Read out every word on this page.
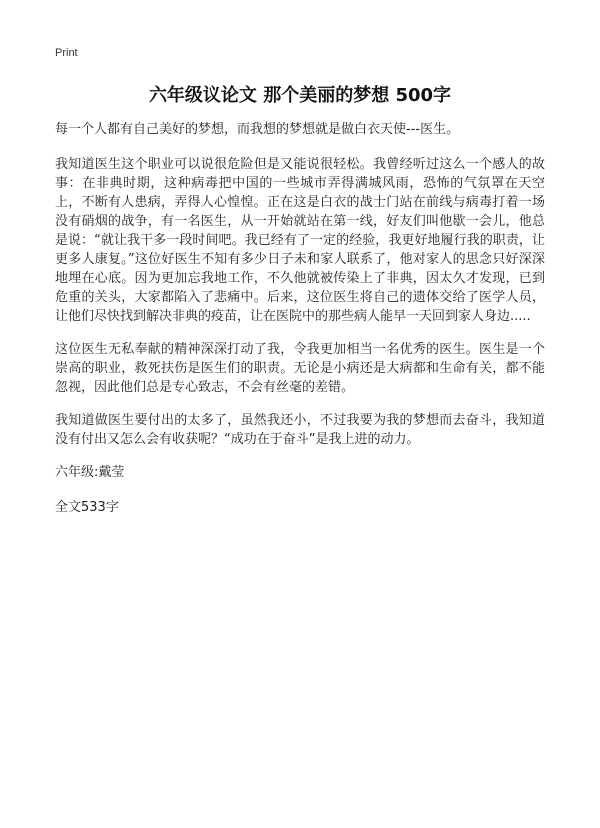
Print
六年级议论文 那个美丽的梦想 500字

每一个人都有自己美好的梦想，而我想的梦想就是做白衣天使---医生。

我知道医生这个职业可以说很危险但是又能说很轻松。我曾经听过这么一个感人的故事：在非典时期，这种病毒把中国的一些城市弄得满城风雨，恐怖的气氛罩在天空上，不断有人患病，弄得人心惶惶。正在这是白衣的战士门站在前线与病毒打着一场没有硝烟的战争，有一名医生，从一开始就站在第一线，好友们叫他歇一会儿，他总是说：“就让我干多一段时间吧。我已经有了一定的经验，我更好地履行我的职责，让更多人康复。”这位好医生不知有多少日子未和家人联系了，他对家人的思念只好深深地埋在心底。因为更加忘我地工作，不久他就被传染上了非典，因太久才发现，已到危重的关头，大家都陷入了悲痛中。后来，这位医生将自己的遗体交给了医学人员，让他们尽快找到解决非典的疫苗，让在医院中的那些病人能早一天回到家人身边.....

这位医生无私奉献的精神深深打动了我，令我更加相当一名优秀的医生。医生是一个崇高的职业，救死扶伤是医生们的职责。无论是小病还是大病都和生命有关，都不能忽视，因此他们总是专心致志，不会有丝毫的差错。

我知道做医生要付出的太多了，虽然我还小，不过我要为我的梦想而去奋斗，我知道没有付出又怎么会有收获呢？“成功在于奋斗”是我上进的动力。

六年级:戴莹

全文533字
